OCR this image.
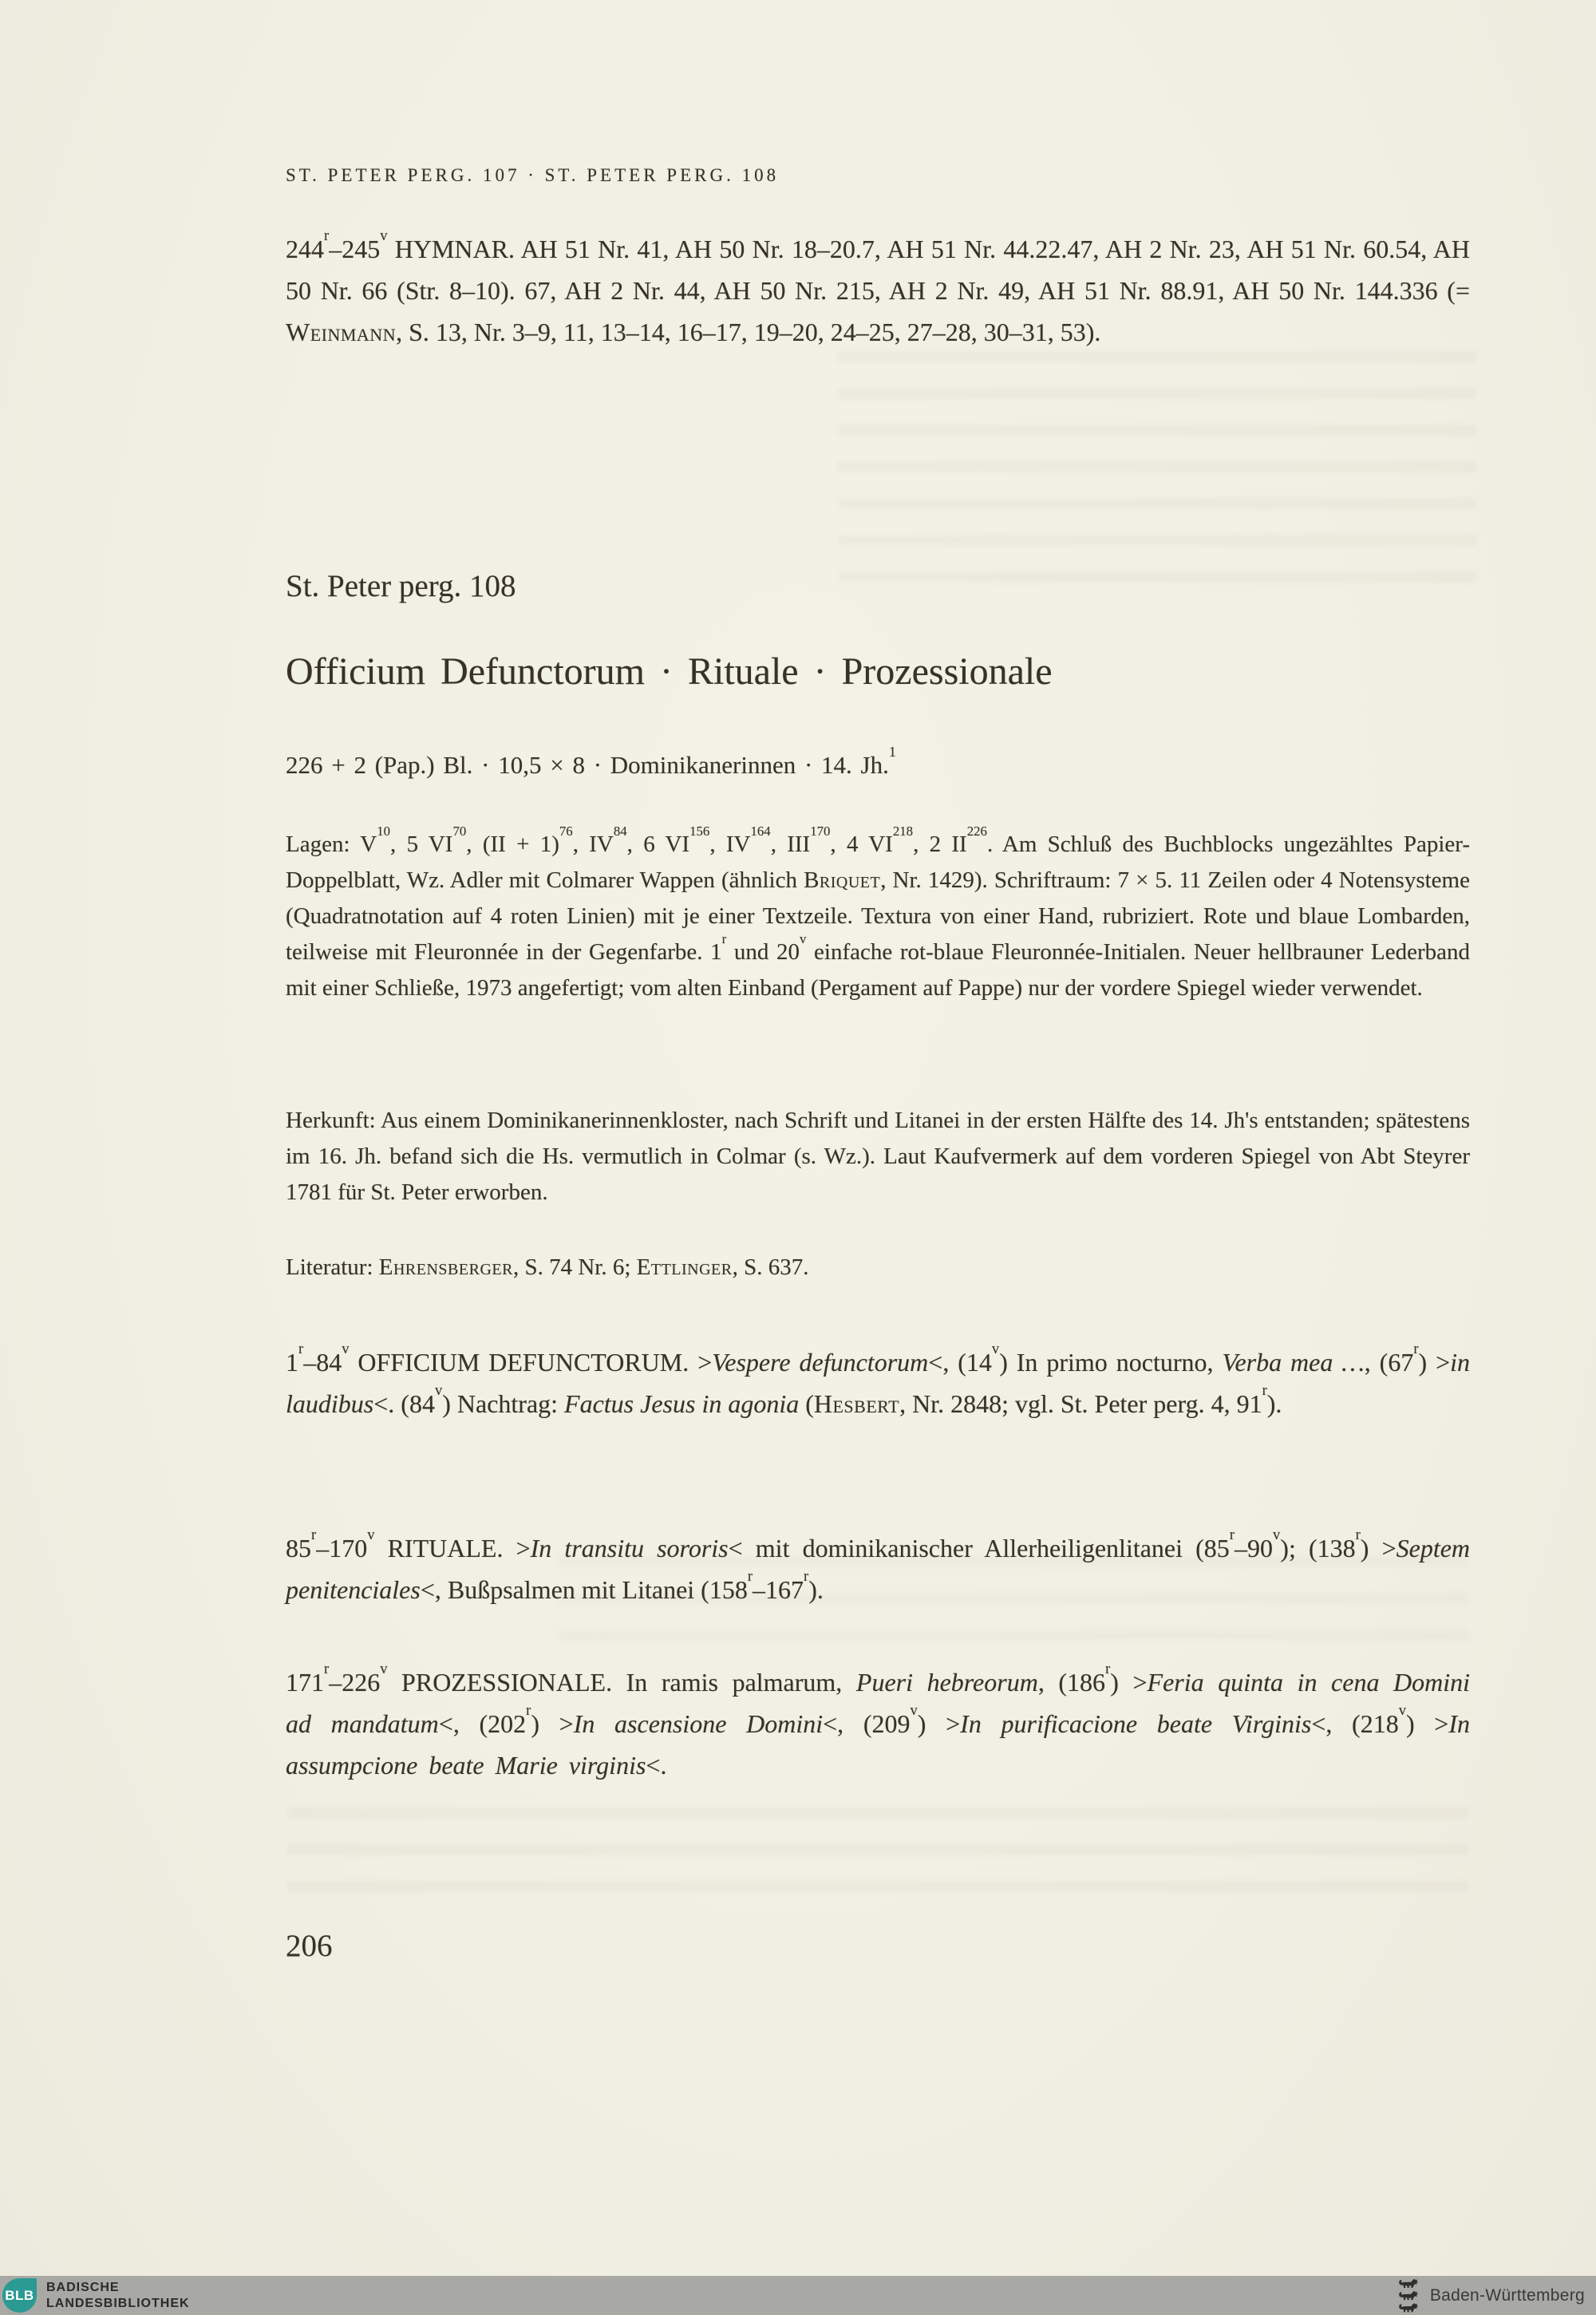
ST. PETER PERG. 107 · ST. PETER PERG. 108

244$^r$–245$^v$ HYMNAR. AH 51 Nr. 41, AH 50 Nr. 18–20.7, AH 51 Nr. 44.22.47, AH 2 Nr. 23, AH 51 Nr. 60.54, AH 50 Nr. 66 (Str. 8–10). 67, AH 2 Nr. 44, AH 50 Nr. 215, AH 2 Nr. 49, AH 51 Nr. 88.91, AH 50 Nr. 144.336 (= Weinmann, S. 13, Nr. 3–9, 11, 13–14, 16–17, 19–20, 24–25, 27–28, 30–31, 53).

St. Peter perg. 108
Officium Defunctorum · Rituale · Prozessionale

226 + 2 (Pap.) Bl. · 10,5 × 8 · Dominikanerinnen · 14. Jh.$^1$

Lagen: $V^{10}$, 5 VI$^{70}$, (II + 1)$^{76}$, IV$^{84}$, 6 VI$^{156}$, IV$^{164}$, III$^{170}$, 4 VI$^{218}$, 2 II$^{226}$. Am Schluß des Buchblocks ungezähltes Papier-Doppelblatt, Wz. Adler mit Colmarer Wappen (ähnlich Briquet, Nr. 1429). Schriftraum: 7 × 5. 11 Zeilen oder 4 Notensysteme (Quadratnotation auf 4 roten Linien) mit je einer Textzeile. Textura von einer Hand, rubriziert. Rote und blaue Lombarden, teilweise mit Fleuronnée in der Gegenfarbe. 1$^r$ und 20$^v$ einfache rot-blaue Fleuronnée-Initialen. Neuer hellbrauner Lederband mit einer Schließe, 1973 angefertigt; vom alten Einband (Pergament auf Pappe) nur der vordere Spiegel wieder verwendet.

Herkunft: Aus einem Dominikanerinnenkloster, nach Schrift und Litanei in der ersten Hälfte des 14. Jh's entstanden; spätestens im 16. Jh. befand sich die Hs. vermutlich in Colmar (s. Wz.). Laut Kaufvermerk auf dem vorderen Spiegel von Abt Steyrer 1781 für St. Peter erworben.

Literatur: Ehrensberger, S. 74 Nr. 6; Ettlinger, S. 637.

1$^r$–84$^v$ OFFICIUM DEFUNCTORUM. >Vespere defunctorum<, (14$^v$) In primo nocturno, Verba mea …, $(67^r) >in$ laudibus<. (84$^v$) Nachtrag: Factus Jesus in agonia (Hesbert, Nr. 2848; vgl. St. Peter perg. 4, 91$^r$).

85$^r$–170$^v$ RITUALE. >In transitu sororis< mit dominikanischer Allerheiligenlitanei (85$^r$–90$^v$); $(138^r)$ >Septem penitenciales<, Bußpsalmen mit Litanei (158$^r$–167$^r$).

171$^r$–226$^v$ PROZESSIONALE. In ramis palmarum, Pueri hebreorum, $(186^r)$ >Feria quinta in cena Domini ad mandatum<, $(202^r) >In$ ascensione Domini<, $(209^v) >In$ purificacione beate Virginis<, $(218^v) >In$ assumpcione beate Marie virginis<.

206
BLB BADISCHE
LANDESBIBLIOTHEK	Baden-Württemberg
